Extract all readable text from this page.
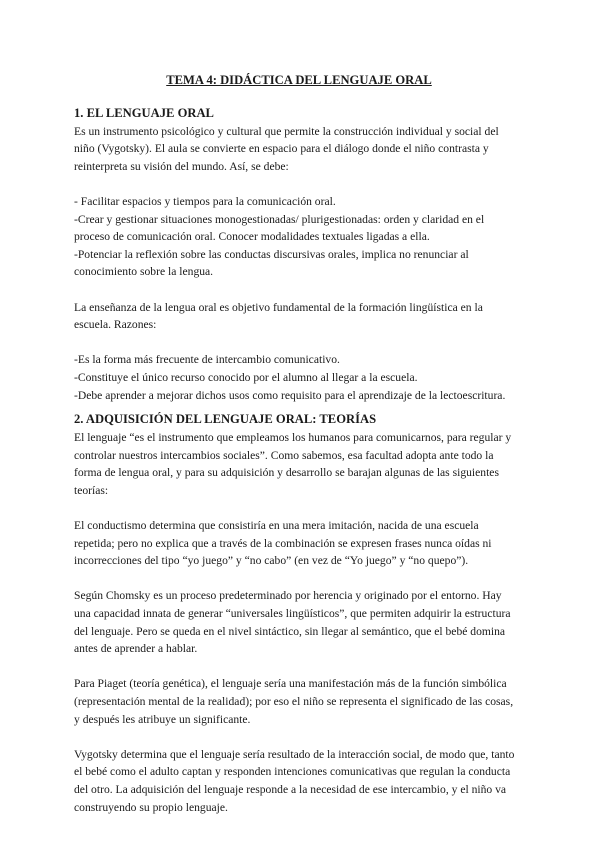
TEMA 4: DIDÁCTICA DEL LENGUAJE ORAL
1. EL LENGUAJE ORAL

Es un instrumento psicológico y cultural que permite la construcción individual y social del niño (Vygotsky). El aula se convierte en espacio para el diálogo donde el niño contrasta y reinterpreta su visión del mundo. Así, se debe:

- Facilitar espacios y tiempos para la comunicación oral.

-Crear y gestionar situaciones monogestionadas/ plurigestionadas: orden y claridad en el proceso de comunicación oral. Conocer modalidades textuales ligadas a ella.

-Potenciar la reflexión sobre las conductas discursivas orales, implica no renunciar al conocimiento sobre la lengua.

La enseñanza de la lengua oral es objetivo fundamental de la formación lingüística en la escuela. Razones:

-Es la forma más frecuente de intercambio comunicativo.

-Constituye el único recurso conocido por el alumno al llegar a la escuela.

-Debe aprender a mejorar dichos usos como requisito para el aprendizaje de la lectoescritura.

2. ADQUISICIÓN DEL LENGUAJE ORAL: TEORÍAS

El lenguaje “es el instrumento que empleamos los humanos para comunicarnos, para regular y controlar nuestros intercambios sociales”. Como sabemos, esa facultad adopta ante todo la forma de lengua oral, y para su adquisición y desarrollo se barajan algunas de las siguientes teorías:

El conductismo determina que consistiría en una mera imitación, nacida de una escuela repetida; pero no explica que a través de la combinación se expresen frases nunca oídas ni incorrecciones del tipo “yo juego” y “no cabo” (en vez de “Yo juego” y “no quepo”).

Según Chomsky es un proceso predeterminado por herencia y originado por el entorno. Hay una capacidad innata de generar “universales lingüísticos”, que permiten adquirir la estructura del lenguaje. Pero se queda en el nivel sintáctico, sin llegar al semántico, que el bebé domina antes de aprender a hablar.

Para Piaget (teoría genética), el lenguaje sería una manifestación más de la función simbólica (representación mental de la realidad); por eso el niño se representa el significado de las cosas, y después les atribuye un significante.

Vygotsky determina que el lenguaje sería resultado de la interacción social, de modo que, tanto el bebé como el adulto captan y responden intenciones comunicativas que regulan la conducta del otro. La adquisición del lenguaje responde a la necesidad de ese intercambio, y el niño va construyendo su propio lenguaje.
